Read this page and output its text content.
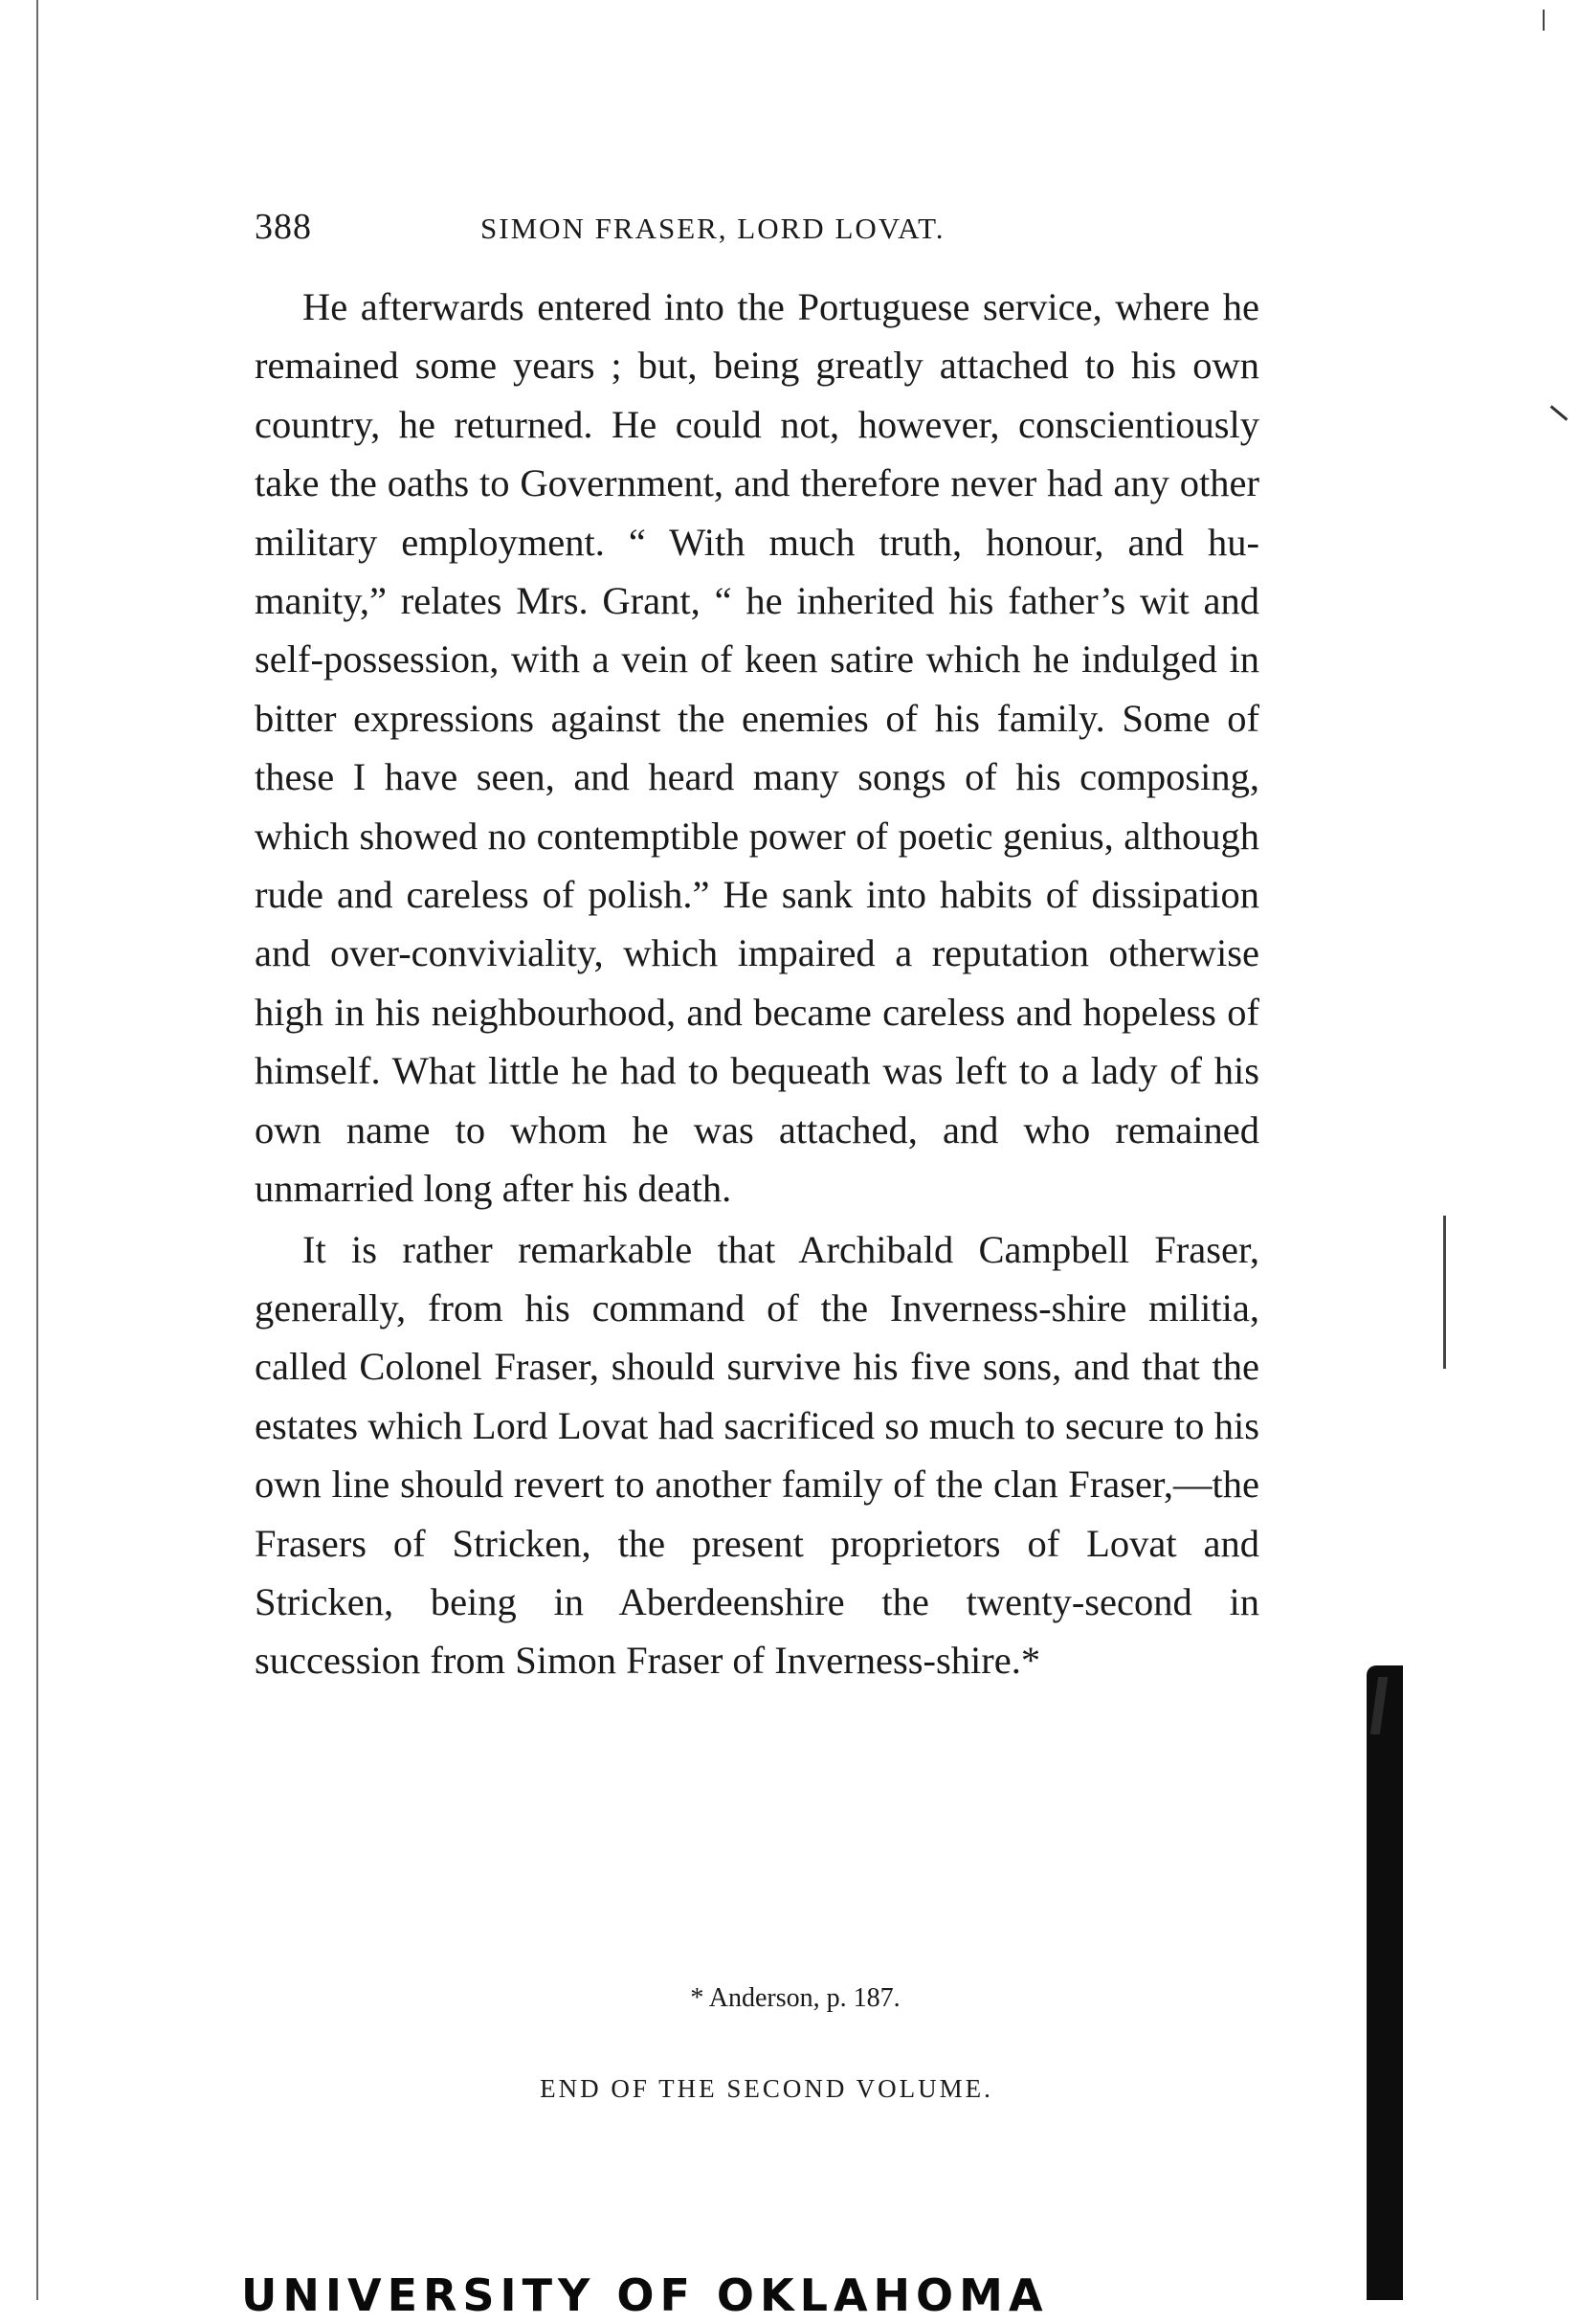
388	SIMON FRASER, LORD LOVAT.

He afterwards entered into the Portuguese service, where he remained some years ; but, being greatly attached to his own country, he returned. He could not, however, conscientiously take the oaths to Government, and therefore never had any other military employment. “ With much truth, honour, and humanity,” relates Mrs. Grant, “ he inherited his father’s wit and self-possession, with a vein of keen satire which he indulged in bitter expressions against the enemies of his family. Some of these I have seen, and heard many songs of his composing, which showed no contemptible power of poetic genius, although rude and careless of polish.” He sank into habits of dissipation and over-conviviality, which impaired a reputation otherwise high in his neighbourhood, and became careless and hopeless of himself. What little he had to bequeath was left to a lady of his own name to whom he was attached, and who remained unmarried long after his death.

It is rather remarkable that Archibald Campbell Fraser, generally, from his command of the Inverness-shire militia, called Colonel Fraser, should survive his five sons, and that the estates which Lord Lovat had sacrificed so much to secure to his own line should revert to another family of the clan Fraser,—the Frasers of Stricken, the present proprietors of Lovat and Stricken, being in Aberdeenshire the twenty-second in succession from Simon Fraser of Inverness-shire.*

* Anderson, p. 187.
END OF THE SECOND VOLUME.
UNIVERSITY OF OKLAHOMA
